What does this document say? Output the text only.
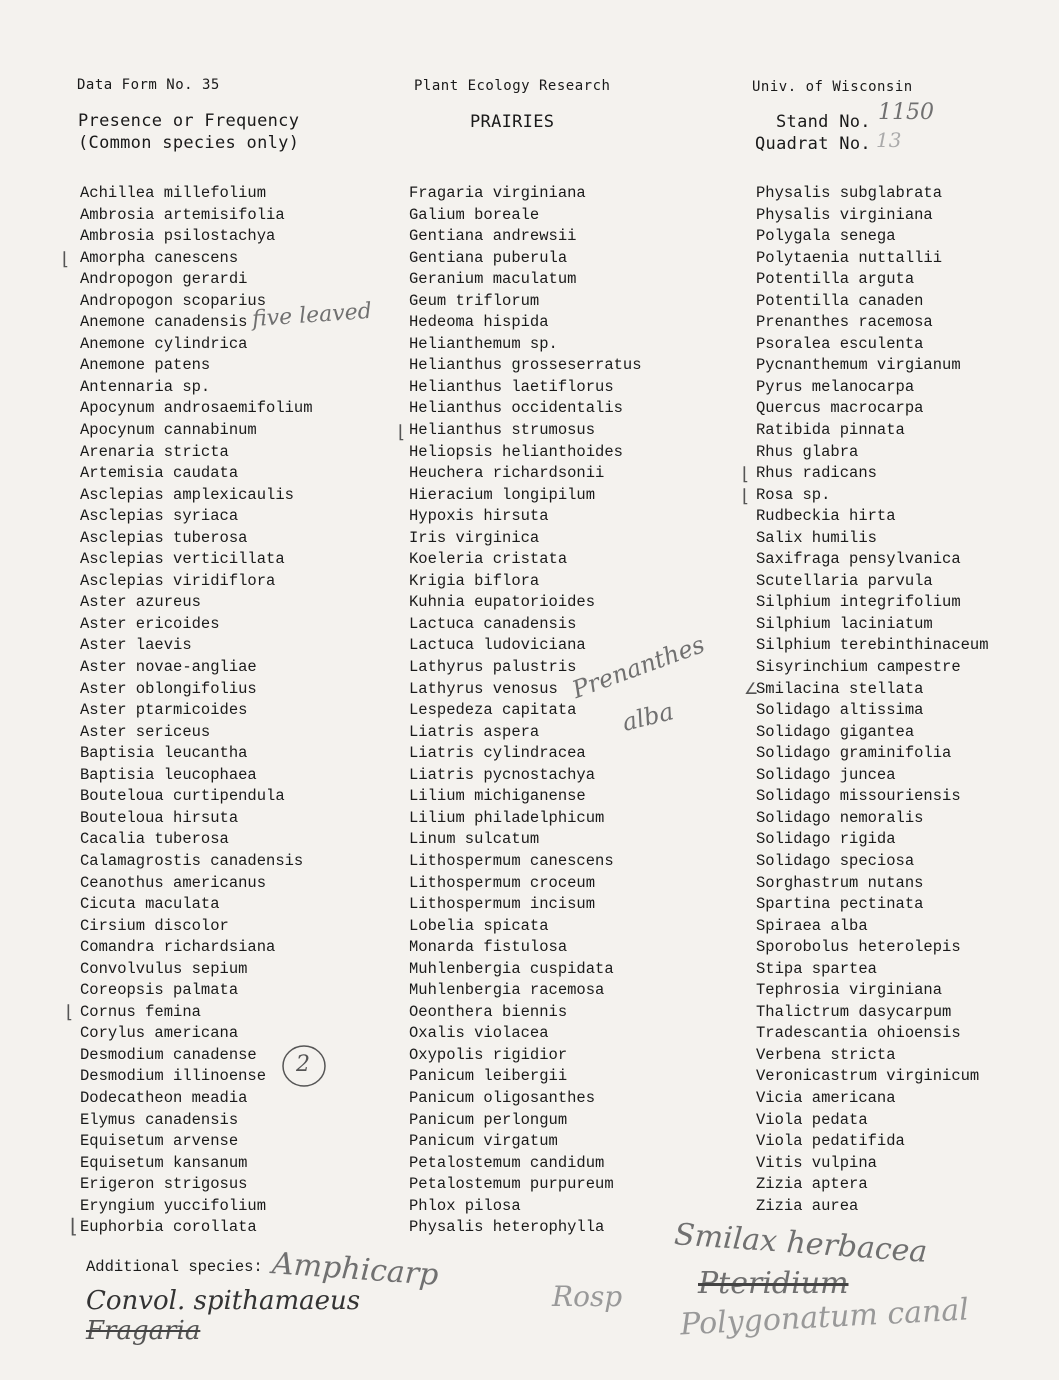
Data Form No. 35	Plant Ecology Research	Univ. of Wisconsin
Presence or Frequency
(Common species only)
PRAIRIES	Stand No. 1150
Quadrat No. 13
Achillea millefolium
Ambrosia artemisifolia
Ambrosia psilostachya
Amorpha canescens
Andropogon gerardi
Andropogon scoparius
Anemone canadensis
Anemone cylindrica
Anemone patens
Antennaria sp.
Apocynum androsaemifolium
Apocynum cannabinum
Arenaria stricta
Artemisia caudata
Asclepias amplexicaulis
Asclepias syriaca
Asclepias tuberosa
Asclepias verticillata
Asclepias viridiflora
Aster azureus
Aster ericoides
Aster laevis
Aster novae-angliae
Aster oblongifolius
Aster ptarmicoides
Aster sericeus
Baptisia leucantha
Baptisia leucophaea
Bouteloua curtipendula
Bouteloua hirsuta
Cacalia tuberosa
Calamagrostis canadensis
Ceanothus americanus
Cicuta maculata
Cirsium discolor
Comandra richardsiana
Convolvulus sepium
Coreopsis palmata
Cornus femina
Corylus americana
Desmodium canadense
Desmodium illinoense
Dodecatheon meadia
Elymus canadensis
Equisetum arvense
Equisetum kansanum
Erigeron strigosus
Eryngium yuccifolium
Euphorbia corollata
Fragaria virginiana
Galium boreale
Gentiana andrewsii
Gentiana puberula
Geranium maculatum
Geum triflorum
Hedeoma hispida
Helianthemum sp.
Helianthus grosseserratus
Helianthus laetiflorus
Helianthus occidentalis
Helianthus strumosus
Heliopsis helianthoides
Heuchera richardsonii
Hieracium longipilum
Hypoxis hirsuta
Iris virginica
Koeleria cristata
Krigia biflora
Kuhnia eupatorioides
Lactuca canadensis
Lactuca ludoviciana
Lathyrus palustris
Lathyrus venosus
Lespedeza capitata
Liatris aspera
Liatris cylindracea
Liatris pycnostachya
Lilium michiganense
Lilium philadelphicum
Linum sulcatum
Lithospermum canescens
Lithospermum croceum
Lithospermum incisum
Lobelia spicata
Monarda fistulosa
Muhlenbergia cuspidata
Muhlenbergia racemosa
Oeonthera biennis
Oxalis violacea
Oxypolis rigidior
Panicum leibergii
Panicum oligosanthes
Panicum perlongum
Panicum virgatum
Petalostemum candidum
Petalostemum purpureum
Phlox pilosa
Physalis heterophylla
Physalis subglabrata
Physalis virginiana
Polygala senega
Polytaenia nuttallii
Potentilla arguta
Potentilla canaden
Prenanthes racemosa
Psoralea esculenta
Pycnanthemum virgianum
Pyrus melanocarpa
Quercus macrocarpa
Ratibida pinnata
Rhus glabra
Rhus radicans
Rosa sp.
Rudbeckia hirta
Salix humilis
Saxifraga pensylvanica
Scutellaria parvula
Silphium integrifolium
Silphium laciniatum
Silphium terebinthinaceum
Sisyrinchium campestre
Smilacina stellata
Solidago altissima
Solidago gigantea
Solidago graminifolia
Solidago juncea
Solidago missouriensis
Solidago nemoralis
Solidago rigida
Solidago speciosa
Sorghastrum nutans
Spartina pectinata
Spiraea alba
Sporobolus heterolepis
Stipa spartea
Tephrosia virginiana
Thalictrum dasycarpum
Tradescantia ohioensis
Verbena stricta
Veronicastrum virginicum
Vicia americana
Viola pedata
Viola pedatifida
Vitis vulpina
Zizia aptera
Zizia aurea
⌊
⌊
⌊
⌊
∠
⌊
⌊
five leaved
Prenanthes
alba
2
Additional species: Amphicarp
Convol. spithamaeus
Fragaria
Rosp
Smilax herbacea
Pteridium
Polygonatum canal
